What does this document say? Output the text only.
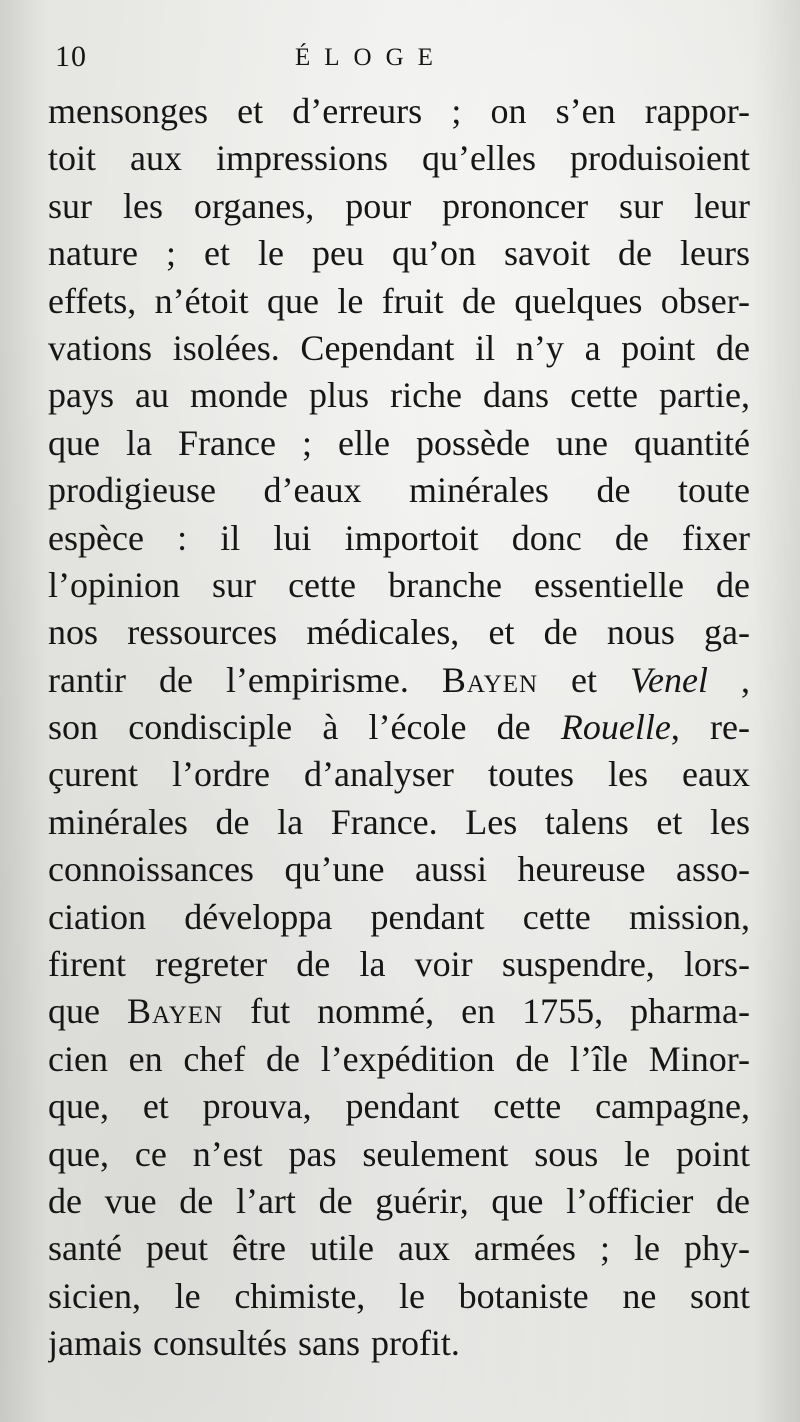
10	ÉLOGE
mensonges et d’erreurs ; on s’en rappor-
toit aux impressions qu’elles produisoient
sur les organes, pour prononcer sur leur
nature ; et le peu qu’on savoit de leurs
effets, n’étoit que le fruit de quelques obser-
vations isolées. Cependant il n’y a point de
pays au monde plus riche dans cette partie,
que la France ; elle possède une quantité
prodigieuse d’eaux minérales de toute
espèce : il lui importoit donc de fixer
l’opinion sur cette branche essentielle de
nos ressources médicales, et de nous ga-
rantir de l’empirisme. Bayen et Venel ,
son condisciple à l’école de Rouelle, re-
çurent l’ordre d’analyser toutes les eaux
minérales de la France. Les talens et les
connoissances qu’une aussi heureuse asso-
ciation développa pendant cette mission,
firent regreter de la voir suspendre, lors-
que Bayen fut nommé, en 1755, pharma-
cien en chef de l’expédition de l’île Minor-
que, et prouva, pendant cette campagne,
que, ce n’est pas seulement sous le point
de vue de l’art de guérir, que l’officier de
santé peut être utile aux armées ; le phy-
sicien, le chimiste, le botaniste ne sont
jamais consultés sans profit.
